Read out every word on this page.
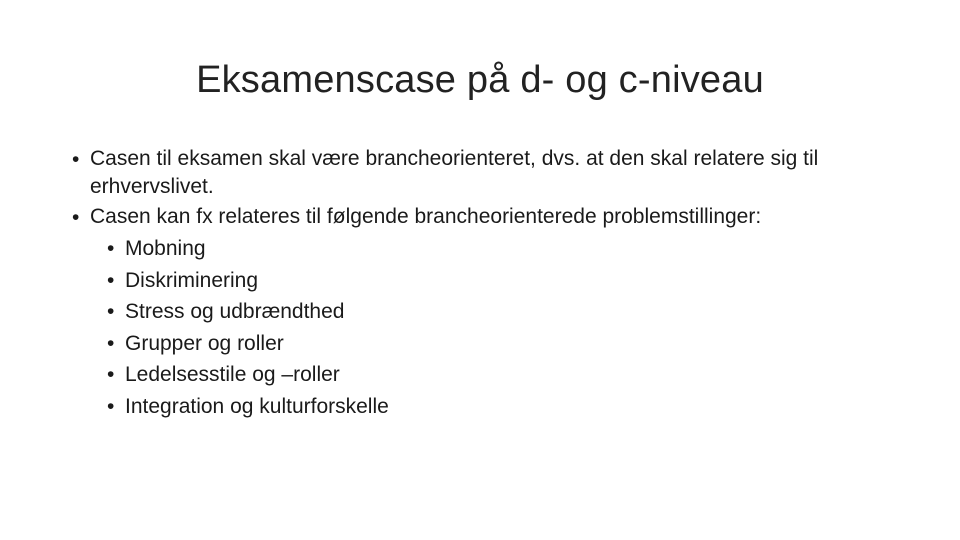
Eksamenscase på d- og c-niveau
• Casen til eksamen skal være brancheorienteret, dvs. at den skal relatere sig til erhvervslivet.
• Casen kan fx relateres til følgende brancheorienterede problemstillinger:
• Mobning
• Diskriminering
• Stress og udbrændthed
• Grupper og roller
• Ledelsesstile og –roller
• Integration og kulturforskelle
